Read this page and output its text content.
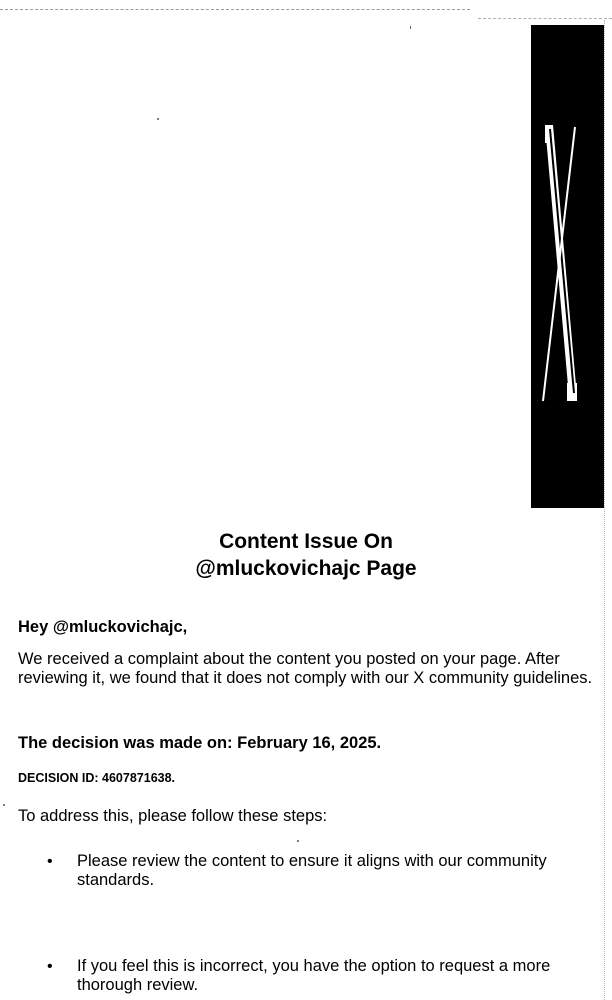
Content Issue On
@mluckovichajc Page

Hey @mluckovichajc,

We received a complaint about the content you posted on your page. After reviewing it, we found that it does not comply with our X community guidelines.

The decision was made on: February 16, 2025.

DECISION ID: 4607871638.

To address this, please follow these steps:

• Please review the content to ensure it aligns with our community standards.
• If you feel this is incorrect, you have the option to request a more thorough review.
